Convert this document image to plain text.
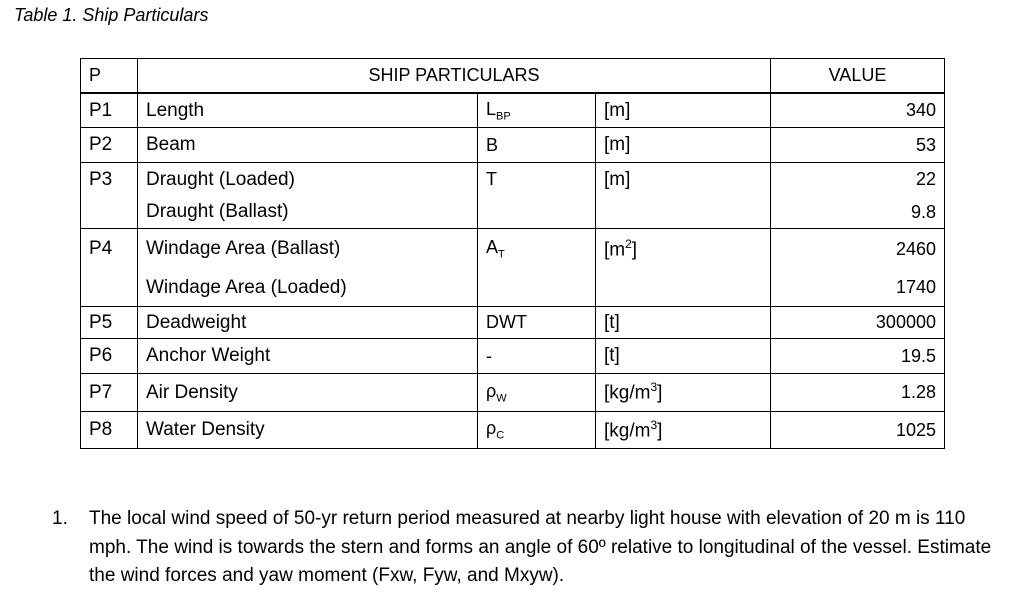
Table 1. Ship Particulars
P	SHIP PARTICULARS			VALUE
P1	Length	$L_{BP}$	[m]	340
P2	Beam	B	[m]	53
P3	Draught (Loaded)	T	[m]	22
	Draught (Ballast)			9.8
P4	Windage Area (Ballast)	$A_T$	$[m^2]$	2460
	Windage Area (Loaded)			1740
P5	Deadweight	DWT	[t]	300000
P6	Anchor Weight	-	[t]	19.5
P7	Air Density	$\rho_W$	$[kg/m^3]$	1.28
P8	Water Density	$\rho_C$	$[kg/m^3]$	1025
1. The local wind speed of 50-yr return period measured at nearby light house with elevation of 20 m is 110 mph. The wind is towards the stern and forms an angle of 60º relative to longitudinal of the vessel. Estimate the wind forces and yaw moment (Fxw, Fyw, and Mxyw).
